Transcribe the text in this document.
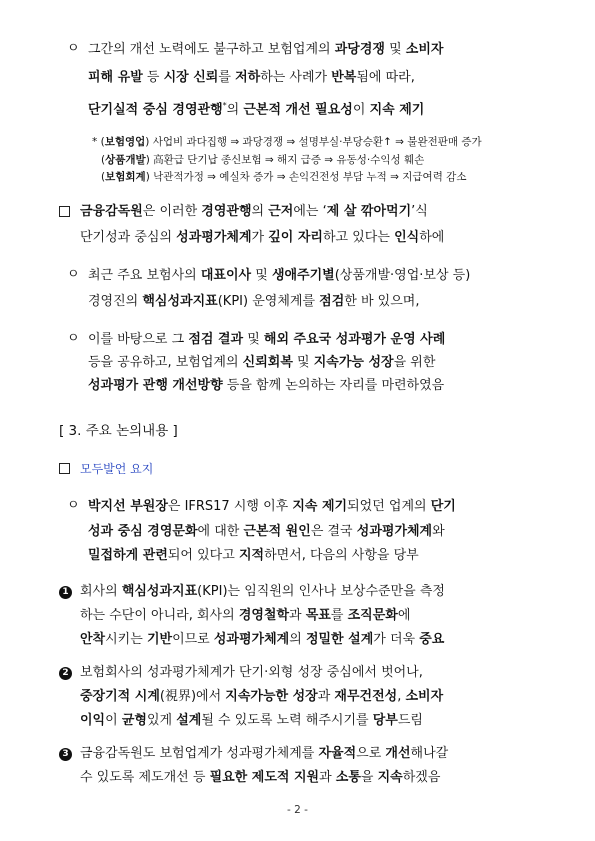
ㅇ 그간의 개선 노력에도 불구하고 보험업계의 과당경쟁 및 소비자
피해 유발 등 시장 신뢰를 저하하는 사례가 반복됨에 따라,
단기실적 중심 경영관행*의 근본적 개선 필요성이 지속 제기
* (보험영업) 사업비 과다집행 ⇒ 과당경쟁 ⇒ 설명부실·부당승환↑ ⇒ 불완전판매 증가
(상품개발) 高환급 단기납 종신보험 ⇒ 해지 급증 ⇒ 유동성·수익성 훼손
(보험회계) 낙관적가정 ⇒ 예실차 증가 ⇒ 손익건전성 부담 누적 ⇒ 지급여력 감소
금융감독원은 이러한 경영관행의 근저에는 ‘제 살 깎아먹기’식
단기성과 중심의 성과평가체계가 깊이 자리하고 있다는 인식하에
ㅇ 최근 주요 보험사의 대표이사 및 생애주기별(상품개발·영업·보상 등)
경영진의 핵심성과지표(KPI) 운영체계를 점검한 바 있으며,
ㅇ 이를 바탕으로 그 점검 결과 및 해외 주요국 성과평가 운영 사례
등을 공유하고, 보험업계의 신뢰회복 및 지속가능 성장을 위한
성과평가 관행 개선방향 등을 함께 논의하는 자리를 마련하였음
[ 3. 주요 논의내용 ]
모두발언 요지
ㅇ 박지선 부원장은 IFRS17 시행 이후 지속 제기되었던 업계의 단기
성과 중심 경영문화에 대한 근본적 원인은 결국 성과평가체계와
밀접하게 관련되어 있다고 지적하면서, 다음의 사항을 당부
1 회사의 핵심성과지표(KPI)는 임직원의 인사나 보상수준만을 측정
하는 수단이 아니라, 회사의 경영철학과 목표를 조직문화에
안착시키는 기반이므로 성과평가체계의 정밀한 설계가 더욱 중요
2 보험회사의 성과평가체계가 단기·외형 성장 중심에서 벗어나,
중장기적 시계(視界)에서 지속가능한 성장과 재무건전성, 소비자
이익이 균형있게 설계될 수 있도록 노력 해주시기를 당부드림
3 금융감독원도 보험업계가 성과평가체계를 자율적으로 개선해나갈
수 있도록 제도개선 등 필요한 제도적 지원과 소통을 지속하겠음
- 2 -
